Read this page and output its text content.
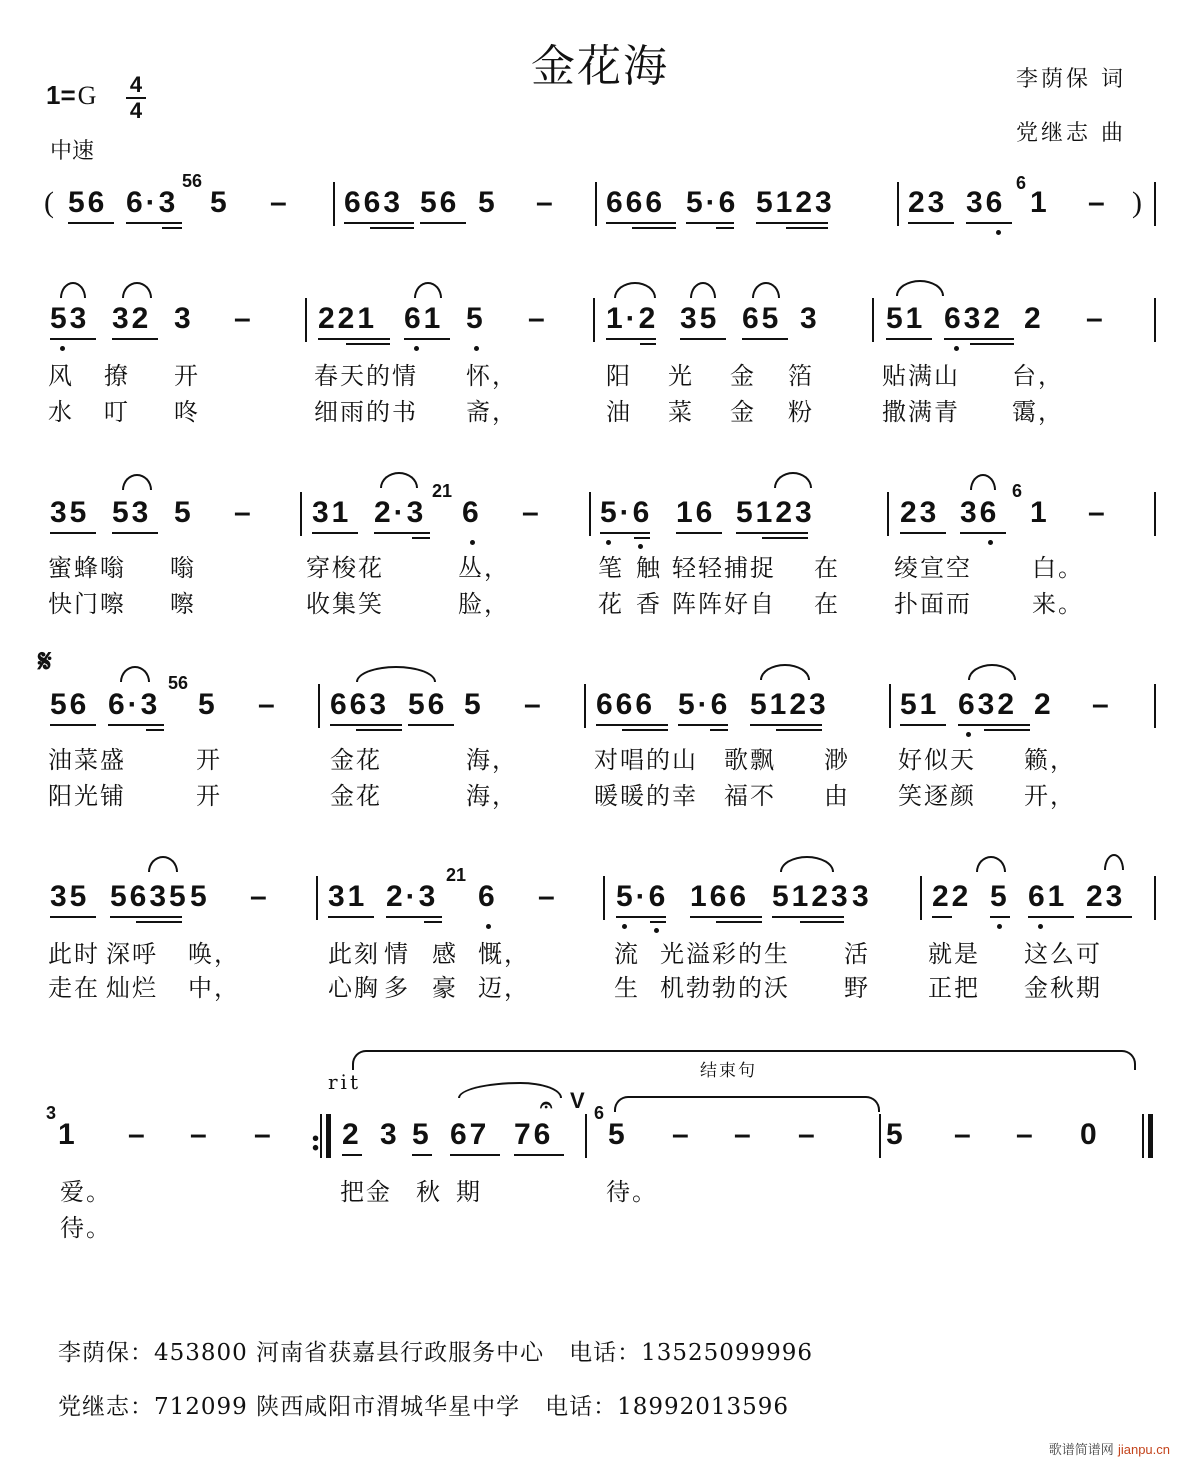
金花海
1=G 4
4
中速
李荫保 词
党继志 曲
( 56 6·3
56
5 – 663 56 5 – 666 5·6 5123 23 36
6
1 – )
53 32 3 – 221 61 5 – 1·2 35 65 3 51 632 2 –
风 撩 开	春天的情 怀，	阳 光 金 箔	贴满山 台，
水 叮 咚	细雨的书 斋，	油 菜 金 粉	撒满青 霭，
35 53 5 – 31 2·3
21
6 – 5·6 16 5123	23 36
6
1 –
蜜蜂嗡 嗡	穿梭花	丛，	笔 触 轻轻 捕捉 在 绫宣空	白。
快门嚓 嚓	收集笑	脸，	花 香 阵阵 好自 在 扑面而	来。
𝄋
56 6·3
56
5 – 663 56 5 – 666 5·6 5123 51 632 2 –
油菜盛	开	金花	海，	对唱的山 歌飘 渺 好似天 籁，
阳光铺	开	金花	海，	暖暖的幸 福不 由 笑逐颜 开，
35 5635 5 – 31 2·3
21
6 – 5·6 166 5123 3 22 5 61 23
此时 深呼 唤，	此刻 情 感 慨，	流 光溢彩的生 活 就是 这么可
走在 灿烂 中，	心胸 多 豪 迈，	生 机勃勃的沃 野 正把 金秋期
rit	结束句
3
1 – – – :
𝄐 V
2 3 5 67 76
6
5 – – – 5 – – 0
爱。	把金 秋 期	待。
待。
李荫保：453800 河南省获嘉县行政服务中心 电话：13525099996
党继志：712099 陕西咸阳市渭城华星中学 电话：18992013596
歌谱简谱网 jianpu.cn
